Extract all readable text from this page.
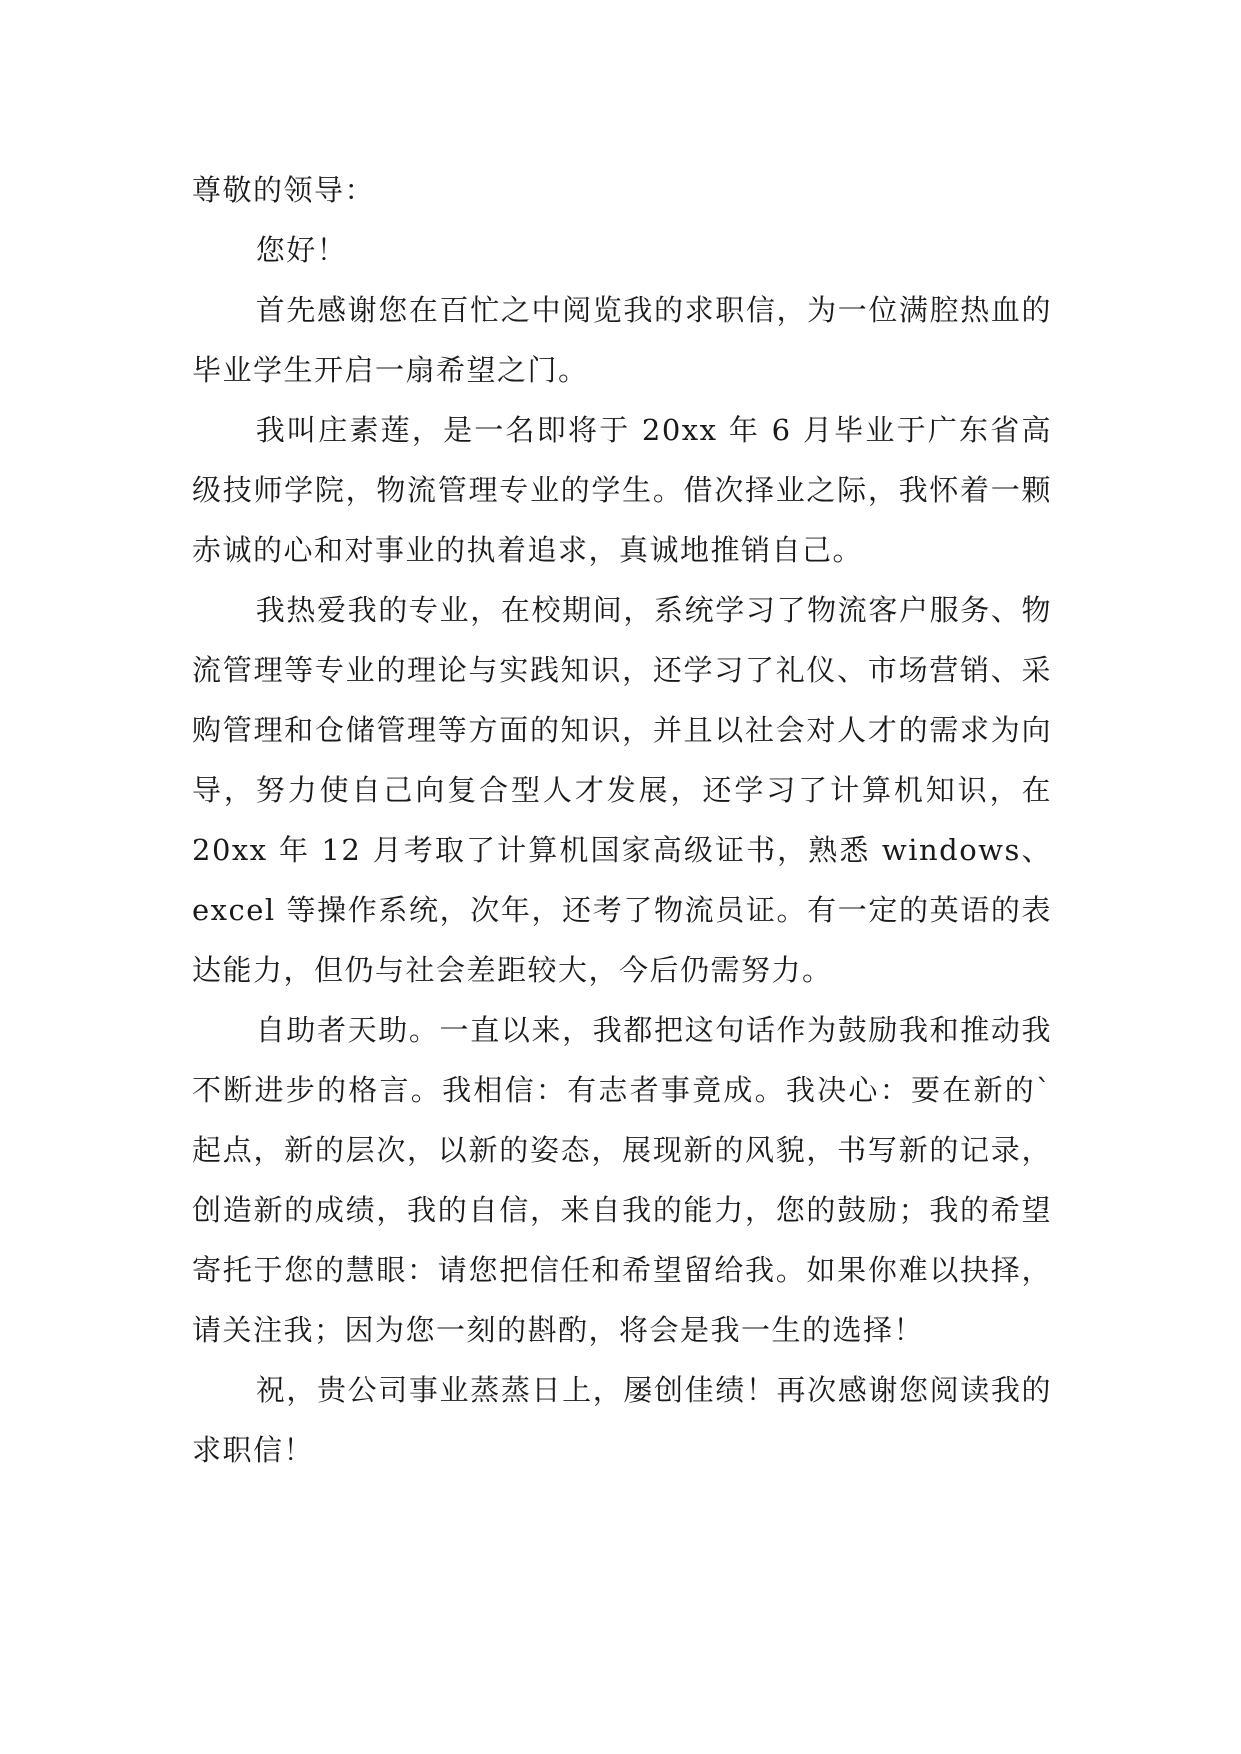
尊敬的领导：

您好！

首先感谢您在百忙之中阅览我的求职信，为一位满腔热血的毕业学生开启一扇希望之门。

我叫庄素莲，是一名即将于 20xx 年 6 月毕业于广东省高级技师学院，物流管理专业的学生。借次择业之际，我怀着一颗赤诚的心和对事业的执着追求，真诚地推销自己。

我热爱我的专业，在校期间，系统学习了物流客户服务、物流管理等专业的理论与实践知识，还学习了礼仪、市场营销、采购管理和仓储管理等方面的知识，并且以社会对人才的需求为向导，努力使自己向复合型人才发展，还学习了计算机知识，在 20xx 年 12 月考取了计算机国家高级证书，熟悉 windows、excel 等操作系统，次年，还考了物流员证。有一定的英语的表达能力，但仍与社会差距较大，今后仍需努力。

自助者天助。一直以来，我都把这句话作为鼓励我和推动我不断进步的格言。我相信：有志者事竟成。我决心：要在新的`起点，新的层次，以新的姿态，展现新的风貌，书写新的记录，创造新的成绩，我的自信，来自我的能力，您的鼓励；我的希望寄托于您的慧眼：请您把信任和希望留给我。如果你难以抉择，请关注我；因为您一刻的斟酌，将会是我一生的选择！

祝，贵公司事业蒸蒸日上，屡创佳绩！再次感谢您阅读我的求职信！
